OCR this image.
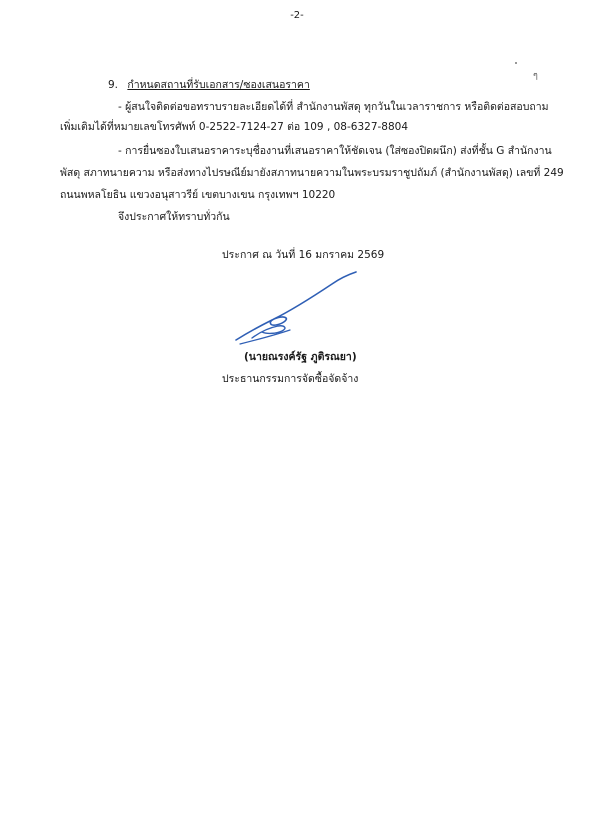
-2-
ๆ
9. กำหนดสถานที่รับเอกสาร/ซองเสนอราคา
- ผู้สนใจติดต่อขอทราบรายละเอียดได้ที่ สำนักงานพัสดุ ทุกวันในเวลาราชการ หรือติดต่อสอบถาม
เพิ่มเติมได้ที่หมายเลขโทรศัพท์ 0-2522-7124-27 ต่อ 109 , 08-6327-8804
- การยื่นซองใบเสนอราคาระบุชื่องานที่เสนอราคาให้ชัดเจน (ใส่ซองปิดผนึก) ส่งที่ชั้น G สำนักงาน
พัสดุ สภาทนายความ หรือส่งทางไปรษณีย์มายังสภาทนายความในพระบรมราชูปถัมภ์ (สำนักงานพัสดุ) เลขที่ 249
ถนนพหลโยธิน แขวงอนุสาวรีย์ เขตบางเขน กรุงเทพฯ 10220
จึงประกาศให้ทราบทั่วกัน
ประกาศ ณ วันที่ 16 มกราคม 2569
(นายณรงค์รัฐ ภูติรณยา)
ประธานกรรมการจัดซื้อจัดจ้าง
